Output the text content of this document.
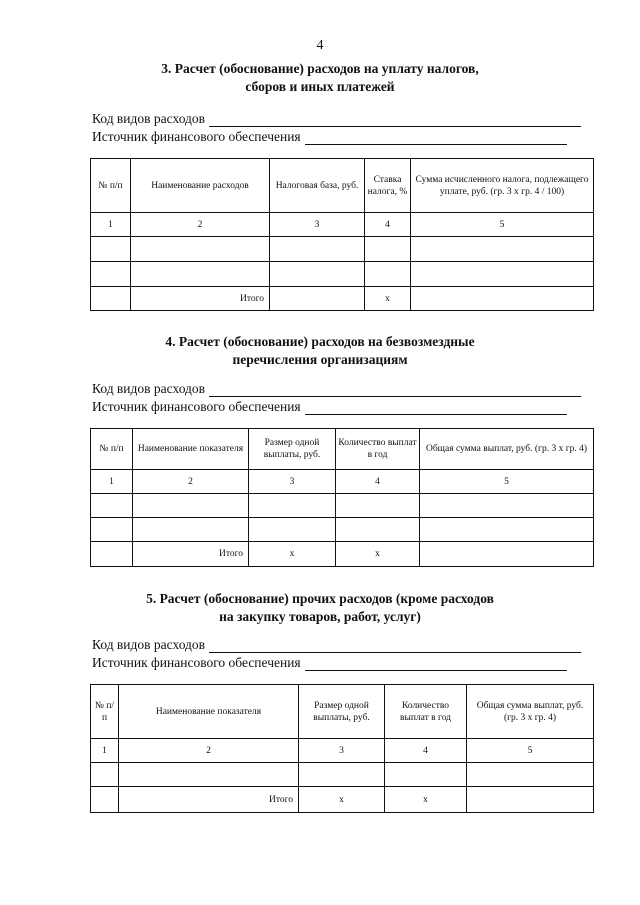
4
3. Расчет (обоснование) расходов на уплату налогов,
сборов и иных платежей
Код видов расходов
Источник финансового обеспечения
№ п/п	Наименование расходов	Налоговая база, руб.	Ставка налога, %	Сумма исчисленного налога, подлежащего уплате, руб. (гр. 3 х гр. 4 / 100)
1	2	3	4	5

	Итого		x	
4. Расчет (обоснование) расходов на безвозмездные
перечисления организациям
Код видов расходов
Источник финансового обеспечения
№ п/п	Наименование показателя	Размер одной выплаты, руб.	Количество выплат в год	Общая сумма выплат, руб. (гр. 3 х гр. 4)
1	2	3	4	5

	Итого	x	x	
5. Расчет (обоснование) прочих расходов (кроме расходов
на закупку товаров, работ, услуг)
Код видов расходов
Источник финансового обеспечения
№ п/п	Наименование показателя	Размер одной выплаты, руб.	Количество выплат в год	Общая сумма выплат, руб. (гр. 3 х гр. 4)
1	2	3	4	5

	Итого	x	x	
